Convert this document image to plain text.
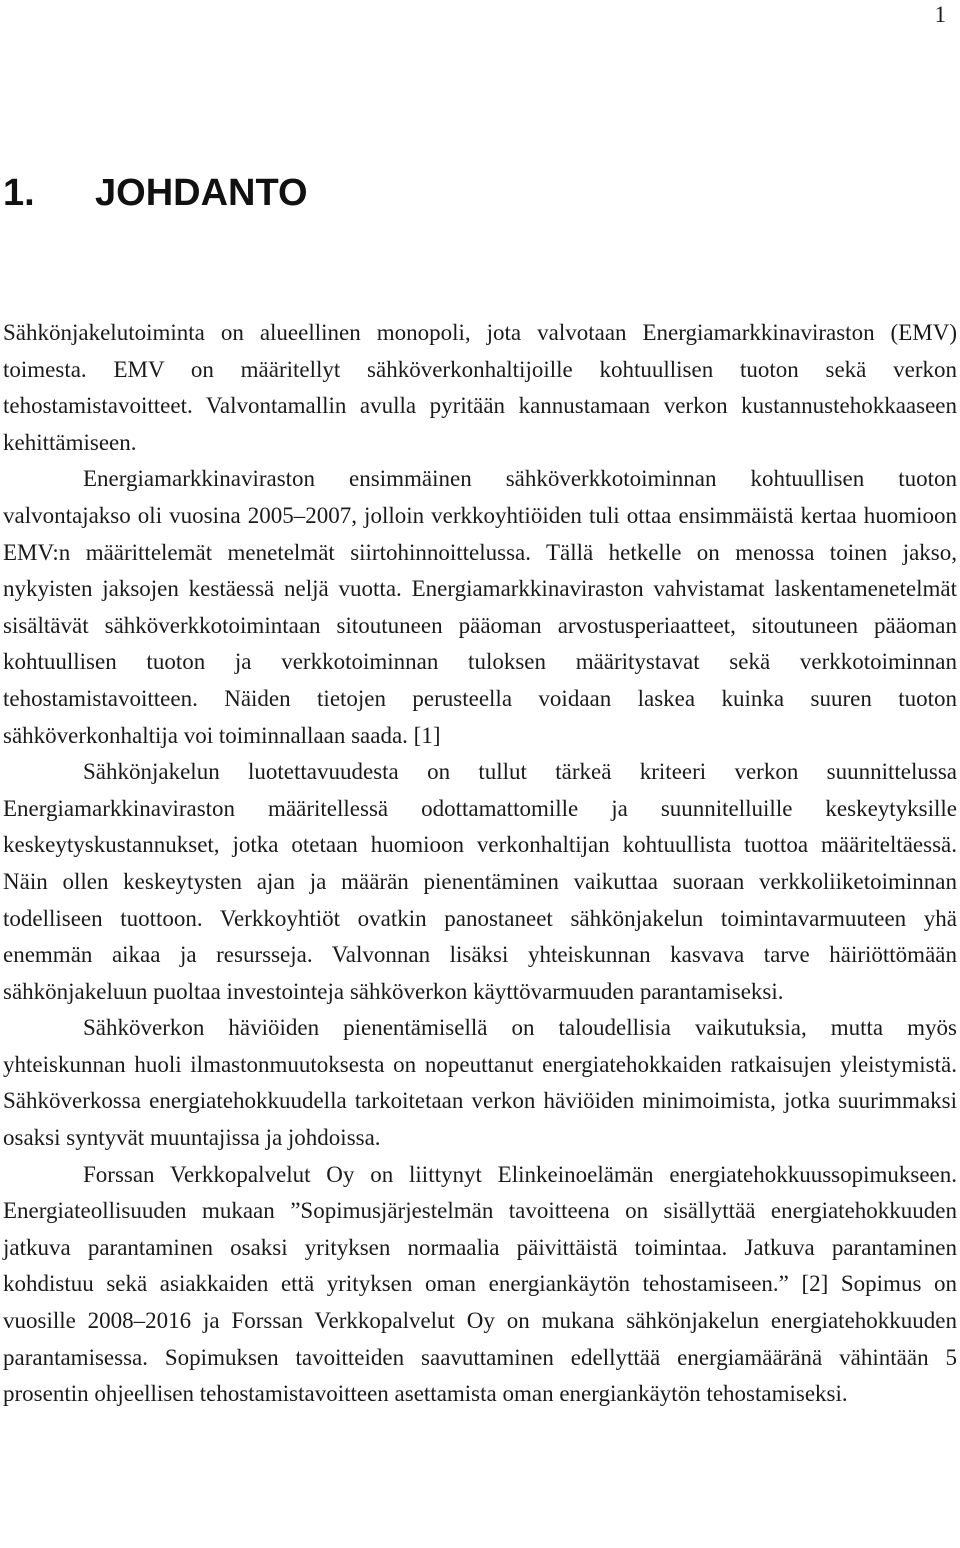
1
1. JOHDANTO

Sähkönjakelutoiminta on alueellinen monopoli, jota valvotaan Energiamarkkinaviraston (EMV) toimesta. EMV on määritellyt sähköverkonhaltijoille kohtuullisen tuoton sekä verkon tehostamistavoitteet. Valvontamallin avulla pyritään kannustamaan verkon kustannustehokkaaseen kehittämiseen.

Energiamarkkinaviraston ensimmäinen sähköverkkotoiminnan kohtuullisen tuoton valvontajakso oli vuosina 2005–2007, jolloin verkkoyhtiöiden tuli ottaa ensimmäistä kertaa huomioon EMV:n määrittelemät menetelmät siirtohinnoittelussa. Tällä hetkelle on menossa toinen jakso, nykyisten jaksojen kestäessä neljä vuotta. Energiamarkkinaviraston vahvistamat laskentamenetelmät sisältävät sähköverkkotoimintaan sitoutuneen pääoman arvostusperiaatteet, sitoutuneen pääoman kohtuullisen tuoton ja verkkotoiminnan tuloksen määritystavat sekä verkkotoiminnan tehostamistavoitteen. Näiden tietojen perusteella voidaan laskea kuinka suuren tuoton sähköverkonhaltija voi toiminnallaan saada. [1]

Sähkönjakelun luotettavuudesta on tullut tärkeä kriteeri verkon suunnittelussa Energiamarkkinaviraston määritellessä odottamattomille ja suunnitelluille keskeytyksille keskeytyskustannukset, jotka otetaan huomioon verkonhaltijan kohtuullista tuottoa määriteltäessä. Näin ollen keskeytysten ajan ja määrän pienentäminen vaikuttaa suoraan verkkoliiketoiminnan todelliseen tuottoon. Verkkoyhtiöt ovatkin panostaneet sähkönjakelun toimintavarmuuteen yhä enemmän aikaa ja resursseja. Valvonnan lisäksi yhteiskunnan kasvava tarve häiriöttömään sähkönjakeluun puoltaa investointeja sähköverkon käyttövarmuuden parantamiseksi.

Sähköverkon häviöiden pienentämisellä on taloudellisia vaikutuksia, mutta myös yhteiskunnan huoli ilmastonmuutoksesta on nopeuttanut energiatehokkaiden ratkaisujen yleistymistä. Sähköverkossa energiatehokkuudella tarkoitetaan verkon häviöiden minimoimista, jotka suurimmaksi osaksi syntyvät muuntajissa ja johdoissa.

Forssan Verkkopalvelut Oy on liittynyt Elinkeinoelämän energiatehokkuussopimukseen. Energiateollisuuden mukaan ”Sopimusjärjestelmän tavoitteena on sisällyttää energiatehokkuuden jatkuva parantaminen osaksi yrityksen normaalia päivittäistä toimintaa. Jatkuva parantaminen kohdistuu sekä asiakkaiden että yrityksen oman energiankäytön tehostamiseen.” [2] Sopimus on vuosille 2008–2016 ja Forssan Verkkopalvelut Oy on mukana sähkönjakelun energiatehokkuuden parantamisessa. Sopimuksen tavoitteiden saavuttaminen edellyttää energiamääränä vähintään 5 prosentin ohjeellisen tehostamistavoitteen asettamista oman energiankäytön tehostamiseksi.
